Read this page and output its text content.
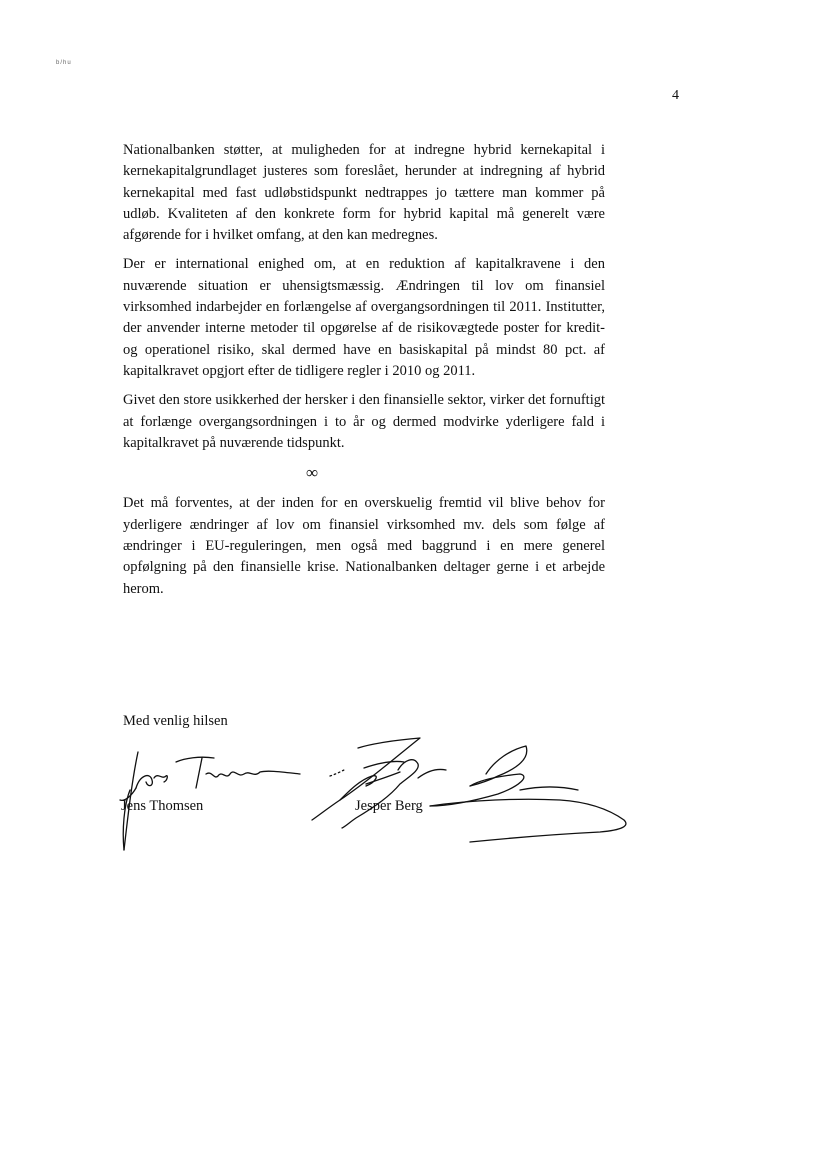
b/hu
4

Nationalbanken støtter, at muligheden for at indregne hybrid kernekapital i kernekapitalgrundlaget justeres som foreslået, herunder at indregning af hybrid kernekapital med fast udløbstidspunkt nedtrappes jo tættere man kommer på udløb. Kvaliteten af den konkrete form for hybrid kapital må generelt være afgørende for i hvilket omfang, at den kan medregnes.

Der er international enighed om, at en reduktion af kapitalkravene i den nuværende situation er uhensigtsmæssig. Ændringen til lov om finansiel virksomhed indarbejder en forlængelse af overgangsordningen til 2011. Institutter, der anvender interne metoder til opgørelse af de risikovægtede poster for kredit- og operationel risiko, skal dermed have en basiskapital på mindst 80 pct. af kapitalkravet opgjort efter de tidligere regler i 2010 og 2011.

Givet den store usikkerhed der hersker i den finansielle sektor, virker det fornuftigt at forlænge overgangsordningen i to år og dermed modvirke yderligere fald i kapitalkravet på nuværende tidspunkt.

∞

Det må forventes, at der inden for en overskuelig fremtid vil blive behov for yderligere ændringer af lov om finansiel virksomhed mv. dels som følge af ændringer i EU-reguleringen, men også med baggrund i en mere generel opfølgning på den finansielle krise. Nationalbanken deltager gerne i et arbejde herom.

Med venlig hilsen
Jens Thomsen	Jesper Berg
